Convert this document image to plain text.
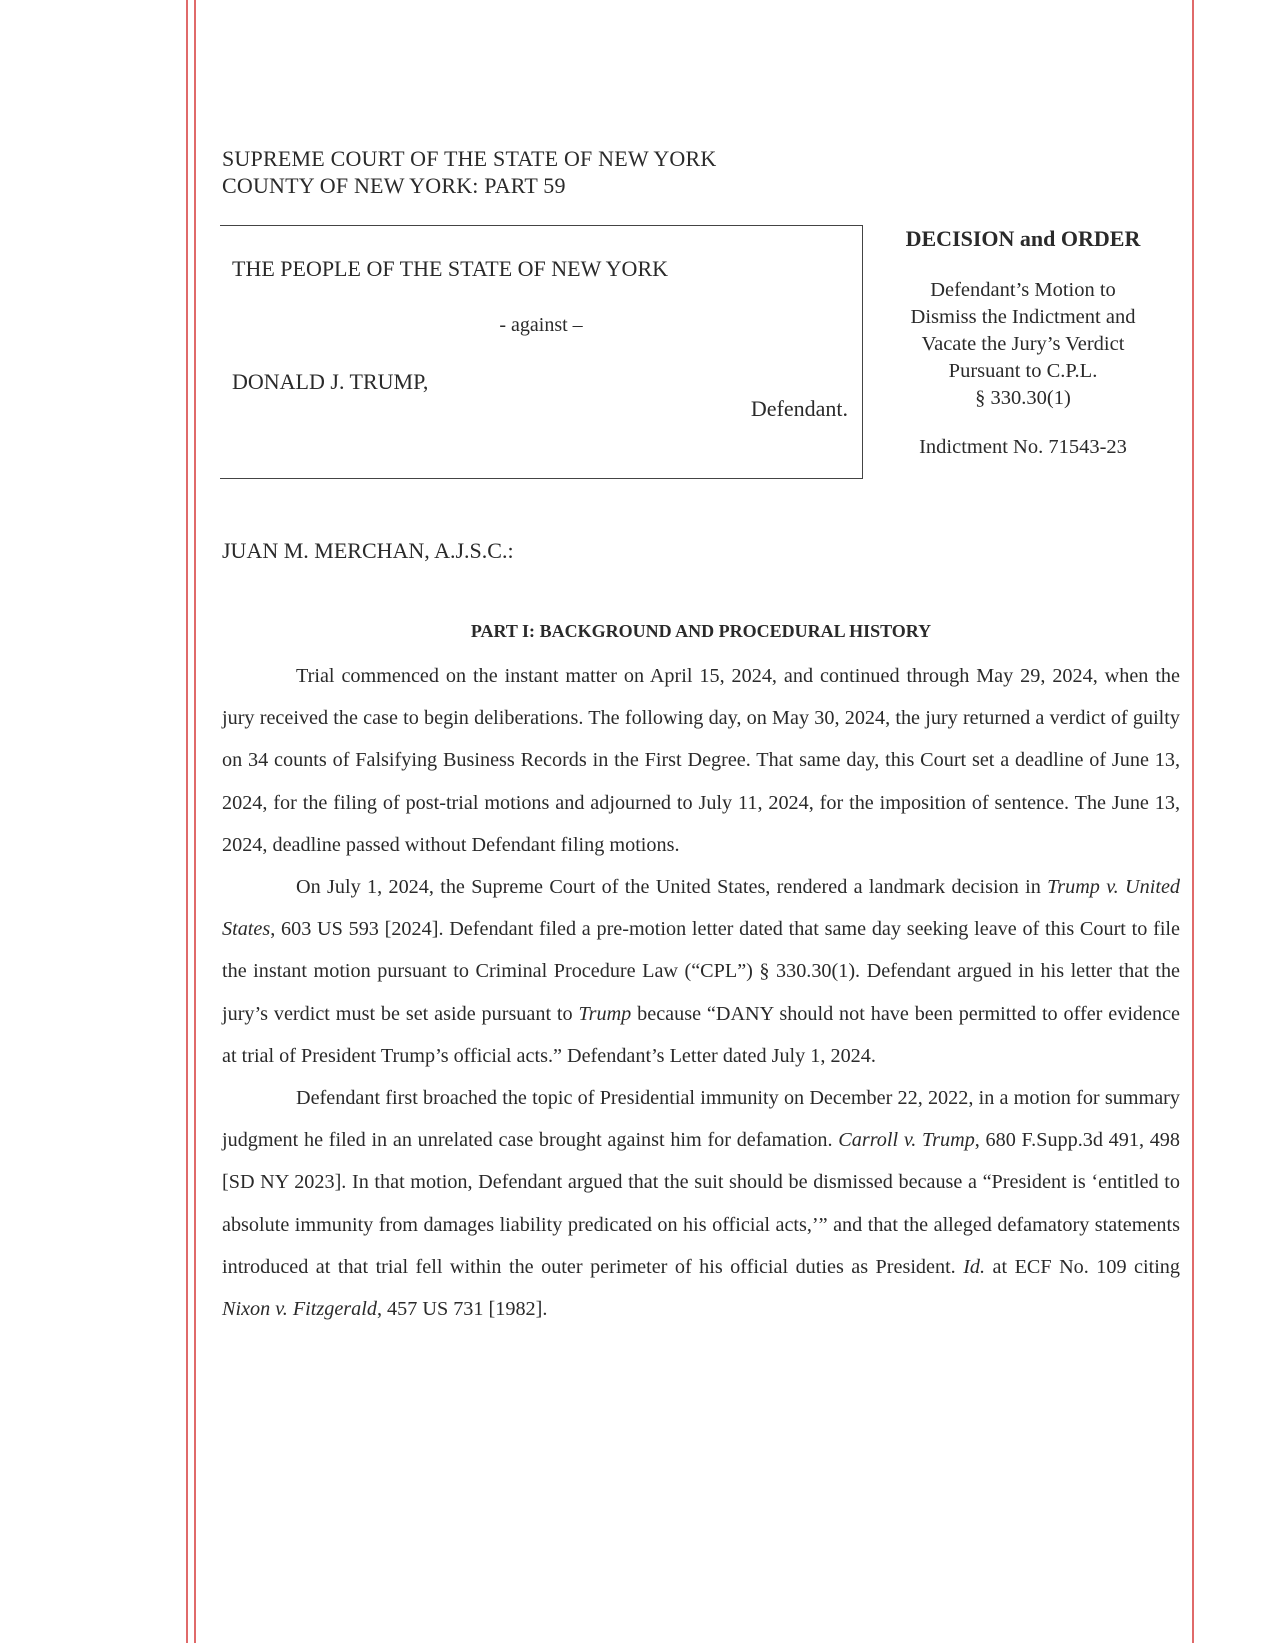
SUPREME COURT OF THE STATE OF NEW YORK
COUNTY OF NEW YORK: PART 59
THE PEOPLE OF THE STATE OF NEW YORK
- against –
DONALD J. TRUMP,
Defendant.
DECISION and ORDER
Defendant’s Motion to
Dismiss the Indictment and
Vacate the Jury’s Verdict
Pursuant to C.P.L.
§ 330.30(1)
Indictment No. 71543-23
JUAN M. MERCHAN, A.J.S.C.:
PART I: BACKGROUND AND PROCEDURAL HISTORY

Trial commenced on the instant matter on April 15, 2024, and continued through May 29, 2024, when the jury received the case to begin deliberations. The following day, on May 30, 2024, the jury returned a verdict of guilty on 34 counts of Falsifying Business Records in the First Degree. That same day, this Court set a deadline of June 13, 2024, for the filing of post-trial motions and adjourned to July 11, 2024, for the imposition of sentence. The June 13, 2024, deadline passed without Defendant filing motions.

On July 1, 2024, the Supreme Court of the United States, rendered a landmark decision in Trump v. United States, 603 US 593 [2024]. Defendant filed a pre-motion letter dated that same day seeking leave of this Court to file the instant motion pursuant to Criminal Procedure Law (“CPL”) § 330.30(1). Defendant argued in his letter that the jury’s verdict must be set aside pursuant to Trump because “DANY should not have been permitted to offer evidence at trial of President Trump’s official acts.” Defendant’s Letter dated July 1, 2024.

Defendant first broached the topic of Presidential immunity on December 22, 2022, in a motion for summary judgment he filed in an unrelated case brought against him for defamation. Carroll v. Trump, 680 F.Supp.3d 491, 498 [SD NY 2023]. In that motion, Defendant argued that the suit should be dismissed because a “President is ‘entitled to absolute immunity from damages liability predicated on his official acts,’” and that the alleged defamatory statements introduced at that trial fell within the outer perimeter of his official duties as President. Id. at ECF No. 109 citing Nixon v. Fitzgerald, 457 US 731 [1982].
